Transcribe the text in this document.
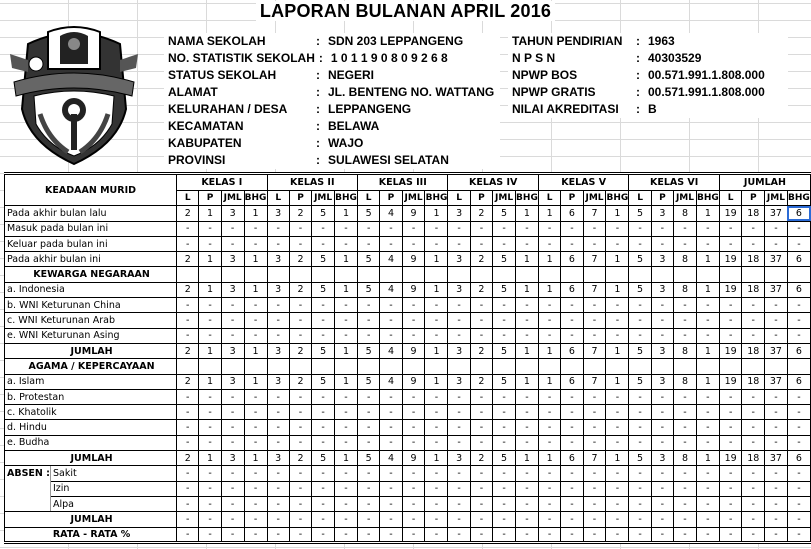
LAPORAN BULANAN APRIL 2016
NAMA SEKOLAH	: SDN 203 LEPPANGENG
NO. STATISTIK SEKOLAH : 1 0 1 1 9 0 8 0 9 2 6 8
STATUS SEKOLAH	: NEGERI
ALAMAT	: JL. BENTENG NO. WATTANG
KELURAHAN / DESA	: LEPPANGENG
KECAMATAN	: BELAWA
KABUPATEN	: WAJO
PROVINSI	: SULAWESI SELATAN
TAHUN PENDIRIAN	: 1963
N P S N	: 40303529
NPWP BOS	: 00.571.991.1.808.000
NPWP GRATIS	: 00.571.991.1.808.000
NILAI AKREDITASI	: B
KEADAAN MURID		KELAS I				KELAS II				KELAS III				KELAS IV				KELAS V				KELAS VI				JUMLAH			
		L	P	JML	BHG	L	P	JML	BHG	L	P	JML	BHG	L	P	JML	BHG	L	P	JML	BHG	L	P	JML	BHG	L	P	JML	BHG
Pada akhir bulan lalu		2	1	3	1	3	2	5	1	5	4	9	1	3	2	5	1	1	6	7	1	5	3	8	1	19	18	37	6
Masuk pada bulan ini		-	-	-	-	-	-	-	-	-	-	-	-	-	-	-	-	-	-	-	-	-	-	-	-	-	-	-	-
Keluar pada bulan ini		-	-	-	-	-	-	-	-	-	-	-	-	-	-	-	-	-	-	-	-	-	-	-	-	-	-	-	-
Pada akhir bulan ini		2	1	3	1	3	2	5	1	5	4	9	1	3	2	5	1	1	6	7	1	5	3	8	1	19	18	37	6
KEWARGA NEGARAAN																													
a. Indonesia		2	1	3	1	3	2	5	1	5	4	9	1	3	2	5	1	1	6	7	1	5	3	8	1	19	18	37	6
b. WNI Keturunan China		-	-	-	-	-	-	-	-	-	-	-	-	-	-	-	-	-	-	-	-	-	-	-	-	-	-	-	-
c. WNI Keturunan Arab		-	-	-	-	-	-	-	-	-	-	-	-	-	-	-	-	-	-	-	-	-	-	-	-	-	-	-	-
e. WNI Keturunan Asing		-	-	-	-	-	-	-	-	-	-	-	-	-	-	-	-	-	-	-	-	-	-	-	-	-	-	-	-
JUMLAH		2	1	3	1	3	2	5	1	5	4	9	1	3	2	5	1	1	6	7	1	5	3	8	1	19	18	37	6
AGAMA / KEPERCAYAAN																													
a. Islam		2	1	3	1	3	2	5	1	5	4	9	1	3	2	5	1	1	6	7	1	5	3	8	1	19	18	37	6
b. Protestan		-	-	-	-	-	-	-	-	-	-	-	-	-	-	-	-	-	-	-	-	-	-	-	-	-	-	-	-
c. Khatolik		-	-	-	-	-	-	-	-	-	-	-	-	-	-	-	-	-	-	-	-	-	-	-	-	-	-	-	-
d. Hindu		-	-	-	-	-	-	-	-	-	-	-	-	-	-	-	-	-	-	-	-	-	-	-	-	-	-	-	-
e. Budha		-	-	-	-	-	-	-	-	-	-	-	-	-	-	-	-	-	-	-	-	-	-	-	-	-	-	-	-
JUMLAH		2	1	3	1	3	2	5	1	5	4	9	1	3	2	5	1	1	6	7	1	5	3	8	1	19	18	37	6
ABSEN :	Sakit	-	-	-	-	-	-	-	-	-	-	-	-	-	-	-	-	-	-	-	-	-	-	-	-	-	-	-	-
	Izin	-	-	-	-	-	-	-	-	-	-	-	-	-	-	-	-	-	-	-	-	-	-	-	-	-	-	-	-
	Alpa	-	-	-	-	-	-	-	-	-	-	-	-	-	-	-	-	-	-	-	-	-	-	-	-	-	-	-	-
JUMLAH		-	-	-	-	-	-	-	-	-	-	-	-	-	-	-	-	-	-	-	-	-	-	-	-	-	-	-	-
RATA - RATA %		-	-	-	-	-	-	-	-	-	-	-	-	-	-	-	-	-	-	-	-	-	-	-	-	-	-	-	-
